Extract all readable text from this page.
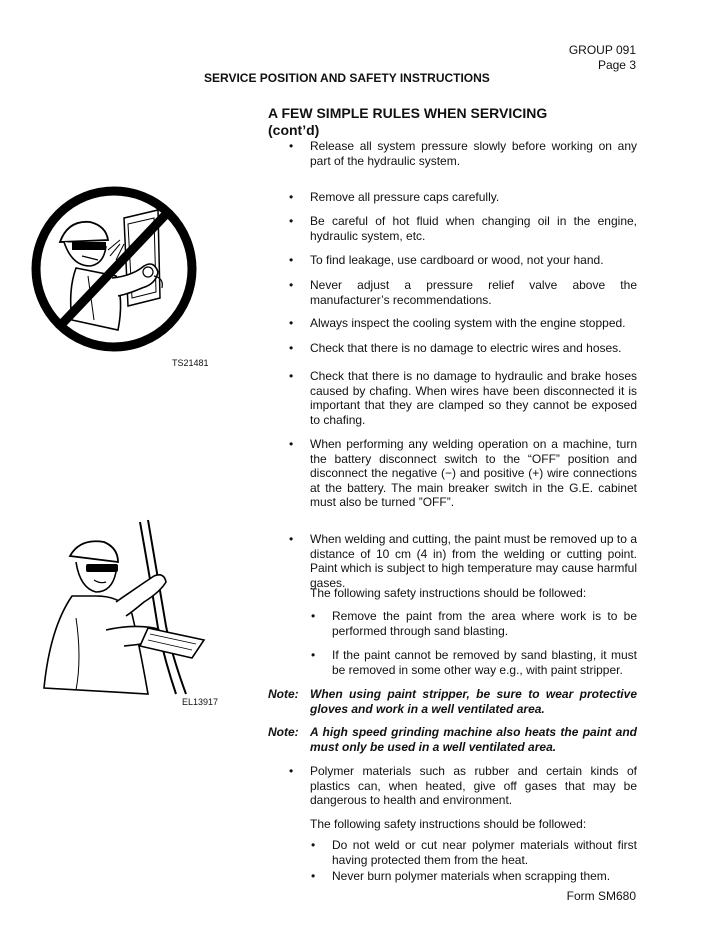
GROUP 091
Page 3
SERVICE POSITION AND SAFETY INSTRUCTIONS
A FEW SIMPLE RULES WHEN SERVICING
(cont’d)
TS21481
EL13917
• Release all system pressure slowly before working on any part of the hydraulic system.
• Remove all pressure caps carefully.
• Be careful of hot fluid when changing oil in the engine, hydraulic system, etc.
• To find leakage, use cardboard or wood, not your hand.
• Never adjust a pressure relief valve above the manufacturer’s recommendations.
• Always inspect the cooling system with the engine stopped.
• Check that there is no damage to electric wires and hoses.
• Check that there is no damage to hydraulic and brake hoses caused by chafing. When wires have been disconnected it is important that they are clamped so they cannot be exposed to chafing.
• When performing any welding operation on a machine, turn the battery disconnect switch to the “OFF” position and disconnect the negative (−) and positive (+) wire connections at the battery. The main breaker switch in the G.E. cabinet must also be turned ”OFF”.
• When welding and cutting, the paint must be removed up to a distance of 10 cm (4 in) from the welding or cutting point. Paint which is subject to high temperature may cause harmful gases.
The following safety instructions should be followed:
• Remove the paint from the area where work is to be performed through sand blasting.
• If the paint cannot be removed by sand blasting, it must be removed in some other way e.g., with paint stripper.
Note: When using paint stripper, be sure to wear protective gloves and work in a well ventilated area.
Note: A high speed grinding machine also heats the paint and must only be used in a well ventilated area.
• Polymer materials such as rubber and certain kinds of plastics can, when heated, give off gases that may be dangerous to health and environment.
The following safety instructions should be followed:
• Do not weld or cut near polymer materials without first having protected them from the heat.
• Never burn polymer materials when scrapping them.
Form SM680
